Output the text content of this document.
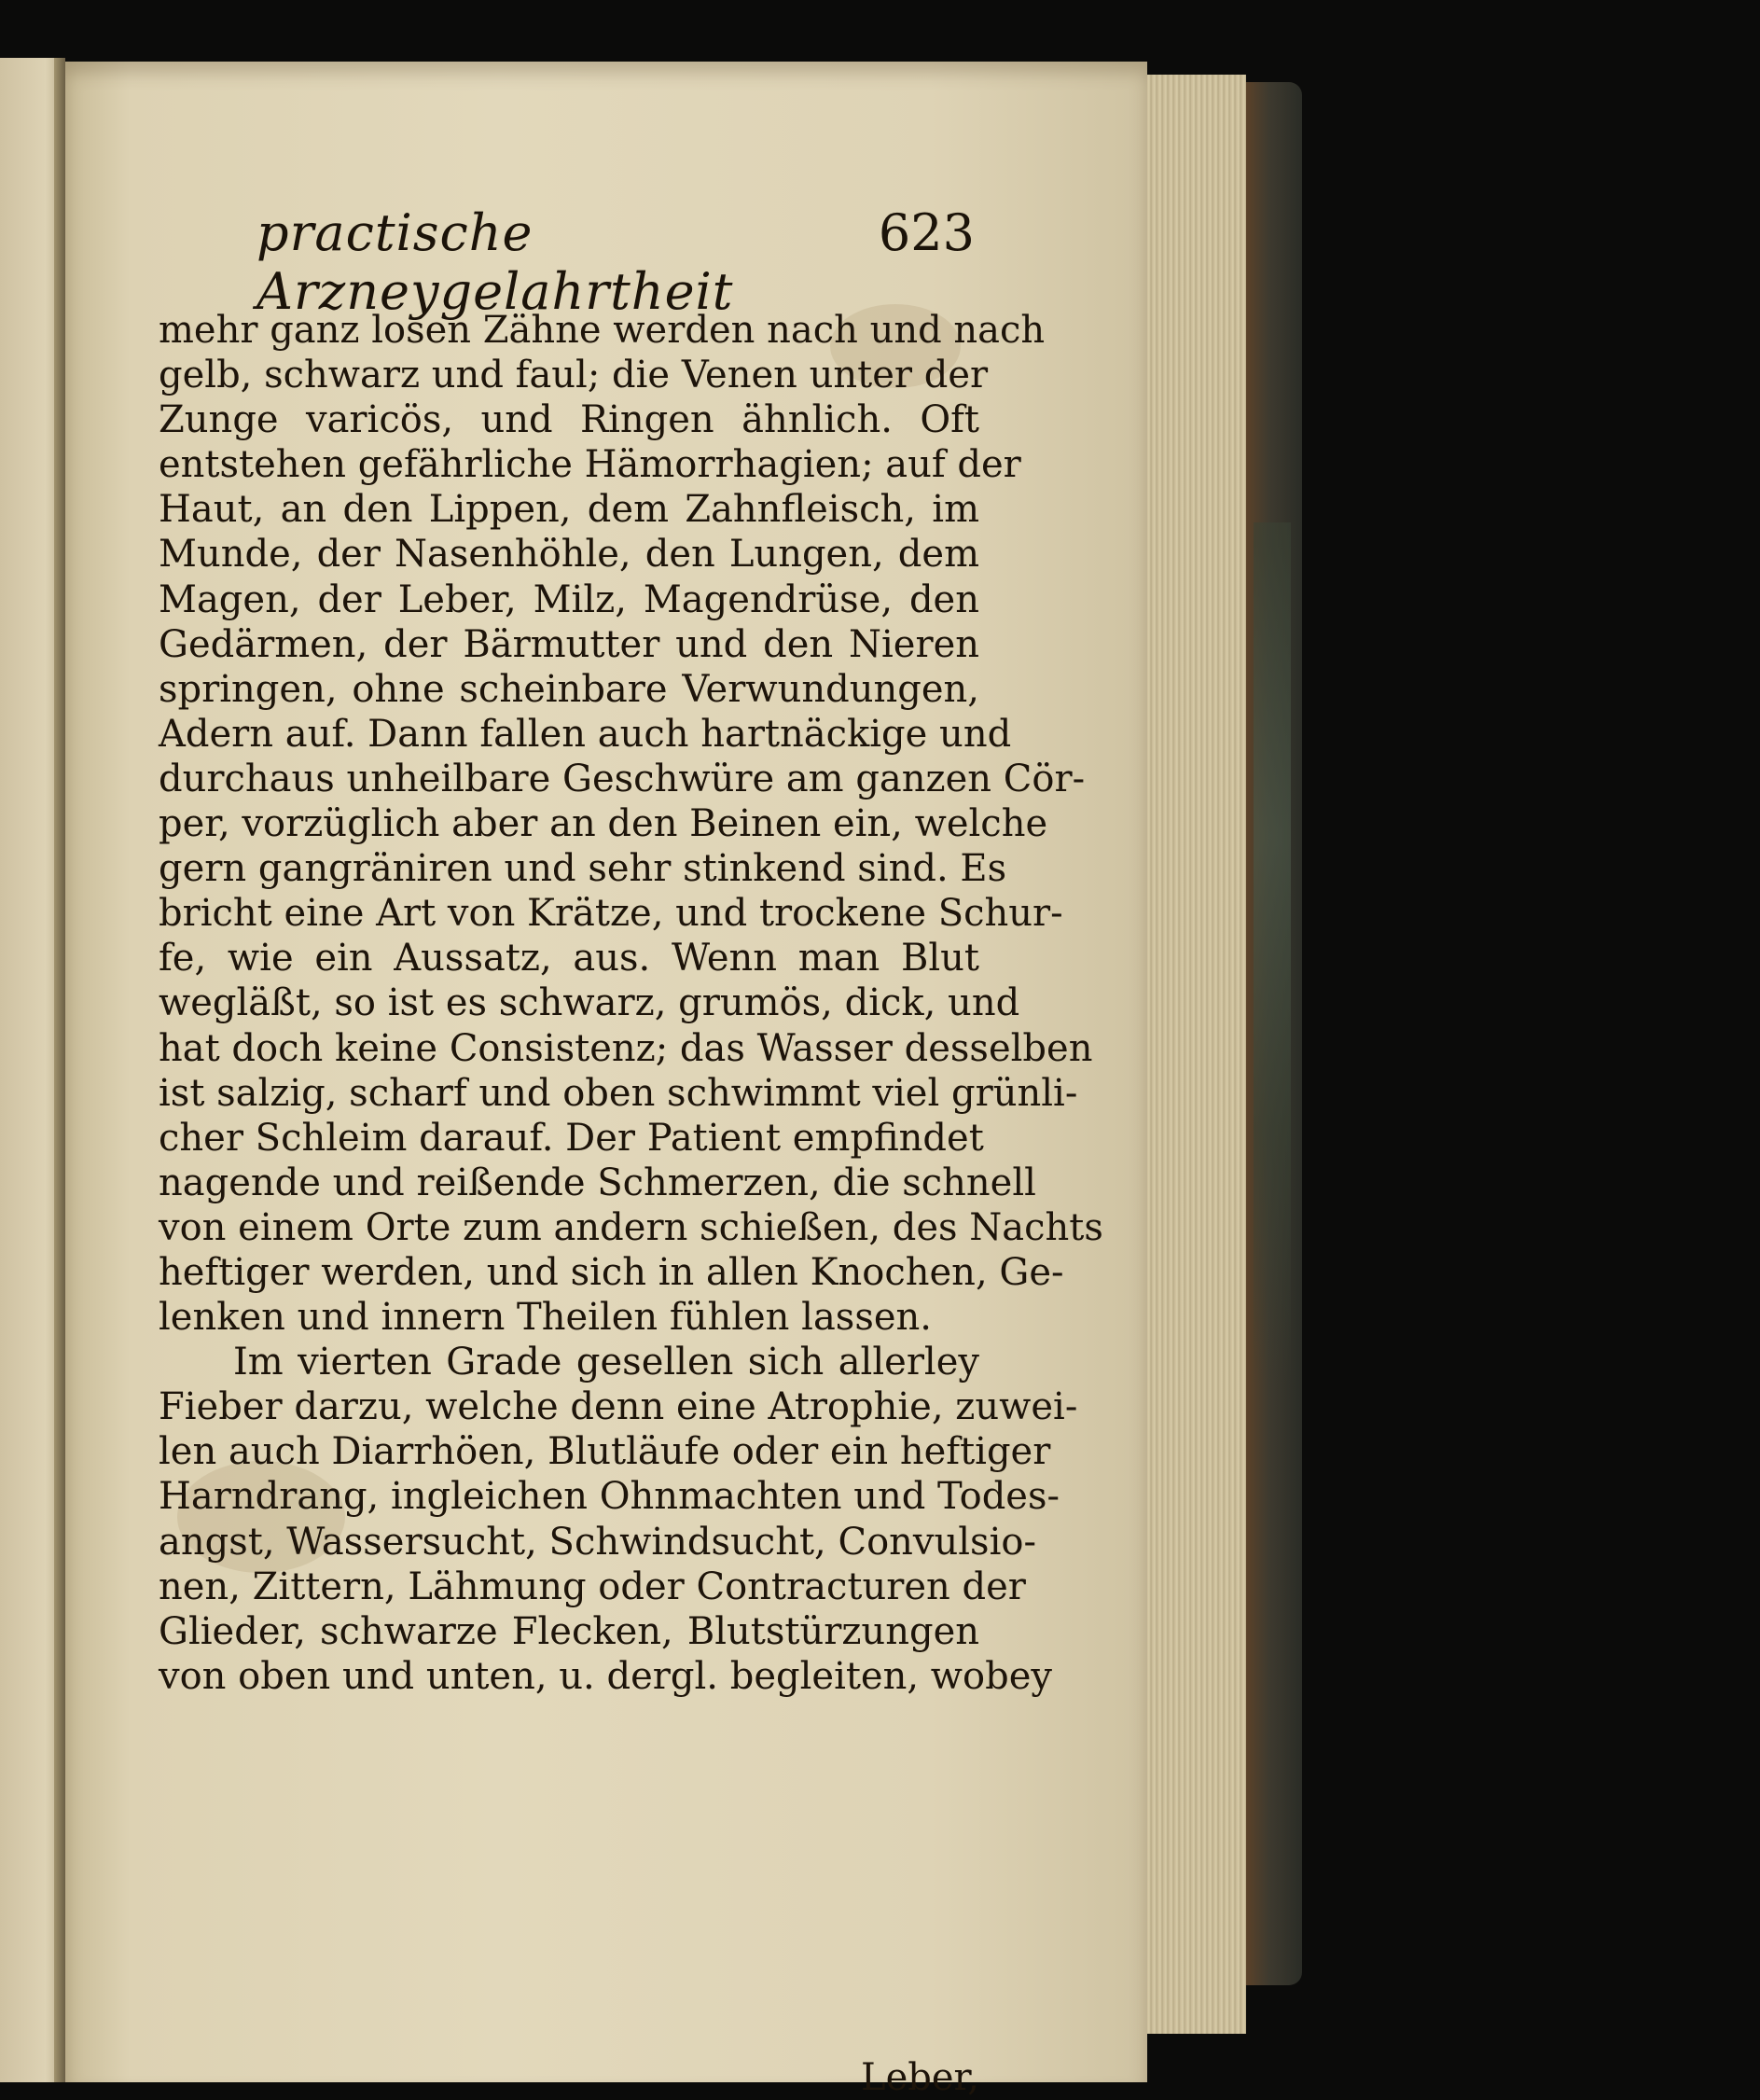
practische Arzneygelahrtheit
623
mehr ganz losen Zähne werden nach und nach
gelb, schwarz und faul; die Venen unter der
Zunge varicös, und Ringen ähnlich. Oft
entstehen gefährliche Hämorrhagien; auf der
Haut, an den Lippen, dem Zahnfleisch, im
Munde, der Nasenhöhle, den Lungen, dem
Magen, der Leber, Milz, Magendrüse, den
Gedärmen, der Bärmutter und den Nieren
springen, ohne scheinbare Verwundungen,
Adern auf. Dann fallen auch hartnäckige und
durchaus unheilbare Geschwüre am ganzen Cör-
per, vorzüglich aber an den Beinen ein, welche
gern gangräniren und sehr stinkend sind. Es
bricht eine Art von Krätze, und trockene Schur-
fe, wie ein Aussatz, aus. Wenn man Blut
wegläßt, so ist es schwarz, grumös, dick, und
hat doch keine Consistenz; das Wasser desselben
ist salzig, scharf und oben schwimmt viel grünli-
cher Schleim darauf. Der Patient empfindet
nagende und reißende Schmerzen, die schnell
von einem Orte zum andern schießen, des Nachts
heftiger werden, und sich in allen Knochen, Ge-
lenken und innern Theilen fühlen lassen.
Im vierten Grade gesellen sich allerley
Fieber darzu, welche denn eine Atrophie, zuwei-
len auch Diarrhöen, Blutläufe oder ein heftiger
Harndrang, ingleichen Ohnmachten und Todes-
angst, Wassersucht, Schwindsucht, Convulsio-
nen, Zittern, Lähmung oder Contracturen der
Glieder, schwarze Flecken, Blutstürzungen
von oben und unten, u. dergl. begleiten, wobey
Leber,
